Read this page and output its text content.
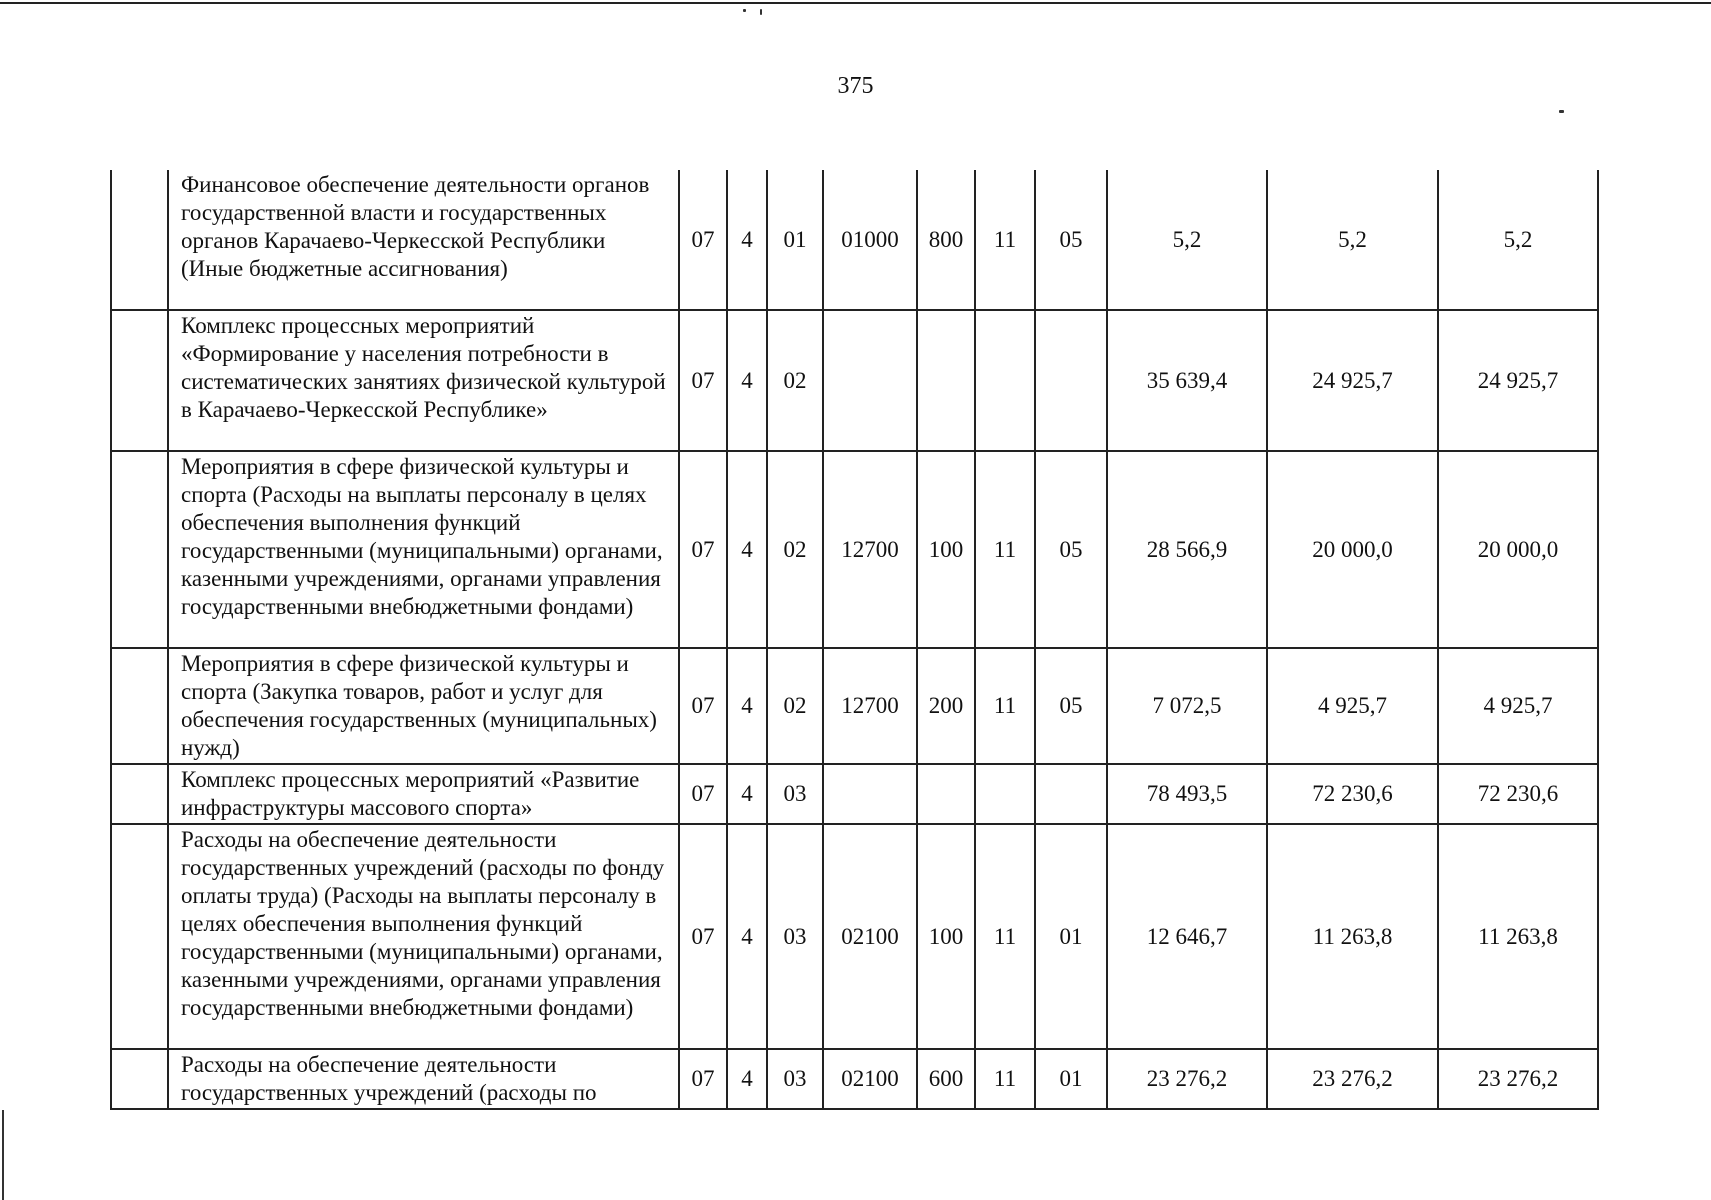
375
	Финансовое обеспечение деятельности органов государственной власти и государственных органов Карачаево-Черкесской Республики (Иные бюджетные ассигнования)	07	4	01	01000	800	11	05	5,2	5,2	5,2
	Комплекс процессных мероприятий «Формирование у населения потребности в систематических занятиях физической культурой в Карачаево-Черкесской Республике»	07	4	02					35 639,4	24 925,7	24 925,7
	Мероприятия в сфере физической культуры и спорта (Расходы на выплаты персоналу в целях обеспечения выполнения функций государственными (муниципальными) органами, казенными учреждениями, органами управления государственными внебюджетными фондами)	07	4	02	12700	100	11	05	28 566,9	20 000,0	20 000,0
	Мероприятия в сфере физической культуры и спорта (Закупка товаров, работ и услуг для обеспечения государственных (муниципальных) нужд)	07	4	02	12700	200	11	05	7 072,5	4 925,7	4 925,7
	Комплекс процессных мероприятий «Развитие инфраструктуры массового спорта»	07	4	03					78 493,5	72 230,6	72 230,6
	Расходы на обеспечение деятельности государственных учреждений (расходы по фонду оплаты труда) (Расходы на выплаты персоналу в целях обеспечения выполнения функций государственными (муниципальными) органами, казенными учреждениями, органами управления государственными внебюджетными фондами)	07	4	03	02100	100	11	01	12 646,7	11 263,8	11 263,8
	Расходы на обеспечение деятельности государственных учреждений (расходы по	07	4	03	02100	600	11	01	23 276,2	23 276,2	23 276,2
